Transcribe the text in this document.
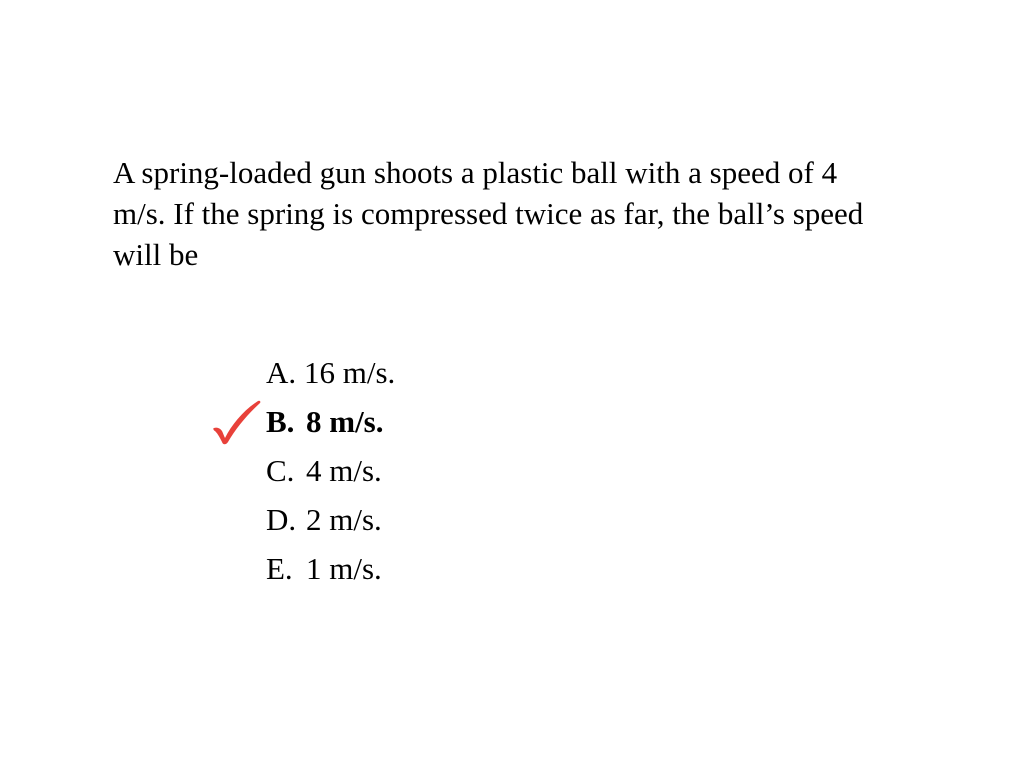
A spring-loaded gun shoots a plastic ball with a speed of 4 m/s. If the spring is compressed twice as far, the ball’s speed will be

A. 16 m/s.
B. 8 m/s.
C. 4 m/s.
D. 2 m/s.
E. 1 m/s.
